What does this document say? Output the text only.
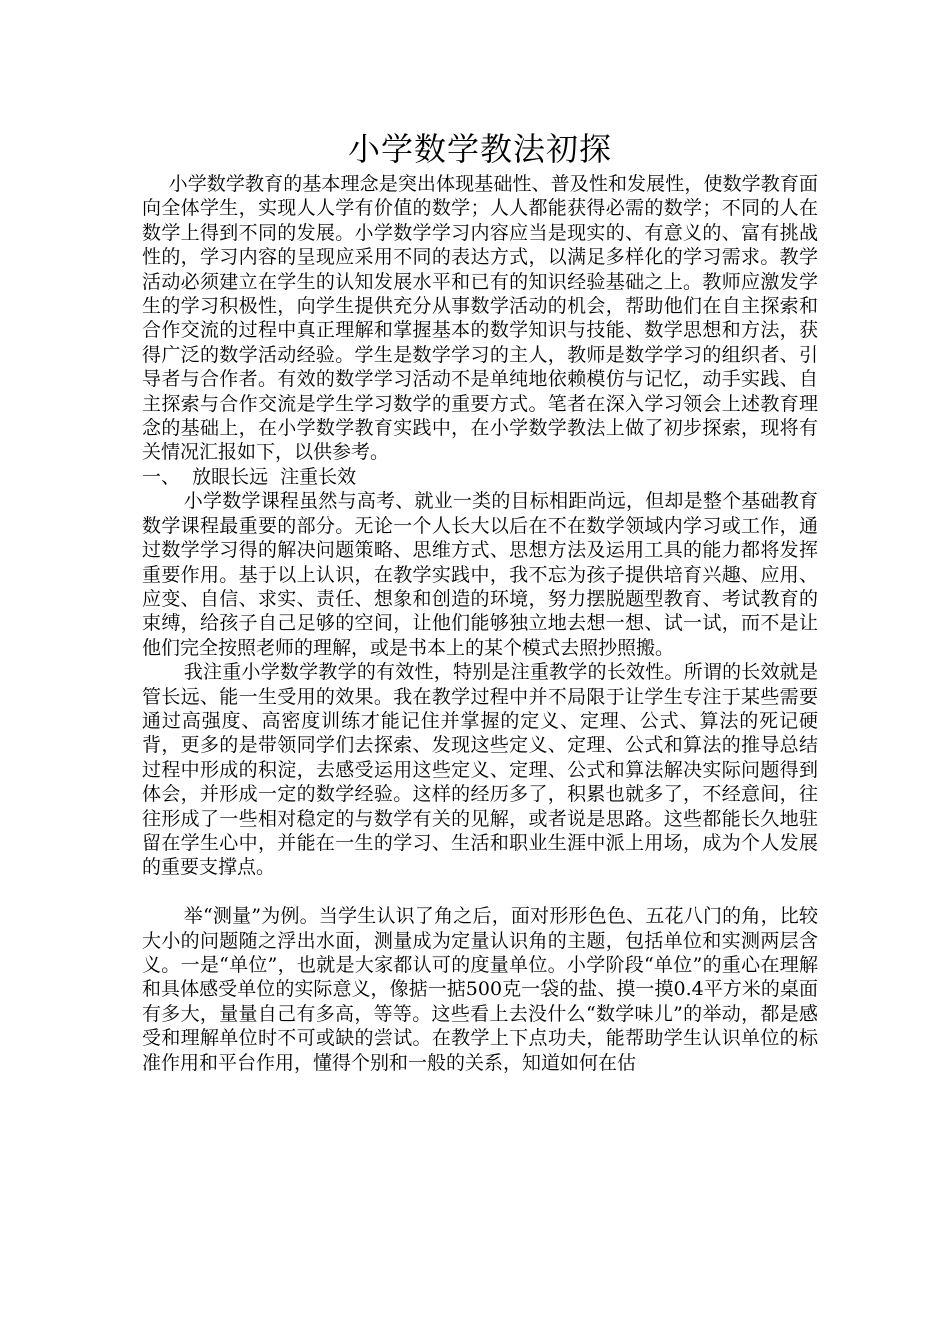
小学数学教法初探

小学数学教育的基本理念是突出体现基础性、普及性和发展性，使数学教育面向全体学生，实现人人学有价值的数学；人人都能获得必需的数学；不同的人在数学上得到不同的发展。小学数学学习内容应当是现实的、有意义的、富有挑战性的，学习内容的呈现应采用不同的表达方式，以满足多样化的学习需求。教学活动必须建立在学生的认知发展水平和已有的知识经验基础之上。教师应激发学生的学习积极性，向学生提供充分从事数学活动的机会，帮助他们在自主探索和合作交流的过程中真正理解和掌握基本的数学知识与技能、数学思想和方法，获得广泛的数学活动经验。学生是数学学习的主人，教师是数学学习的组织者、引导者与合作者。有效的数学学习活动不是单纯地依赖模仿与记忆，动手实践、自主探索与合作交流是学生学习数学的重要方式。笔者在深入学习领会上述教育理念的基础上，在小学数学教育实践中，在小学数学教法上做了初步探索，现将有关情况汇报如下，以供参考。

一、  放眼长远  注重长效

小学数学课程虽然与高考、就业一类的目标相距尚远，但却是整个基础教育数学课程最重要的部分。无论一个人长大以后在不在数学领域内学习或工作，通过数学学习得的解决问题策略、思维方式、思想方法及运用工具的能力都将发挥重要作用。基于以上认识，在教学实践中，我不忘为孩子提供培育兴趣、应用、应变、自信、求实、责任、想象和创造的环境，努力摆脱题型教育、考试教育的束缚，给孩子自己足够的空间，让他们能够独立地去想一想、试一试，而不是让他们完全按照老师的理解，或是书本上的某个模式去照抄照搬。

我注重小学数学教学的有效性，特别是注重教学的长效性。所谓的长效就是管长远、能一生受用的效果。我在教学过程中并不局限于让学生专注于某些需要通过高强度、高密度训练才能记住并掌握的定义、定理、公式、算法的死记硬背，更多的是带领同学们去探索、发现这些定义、定理、公式和算法的推导总结过程中形成的积淀，去感受运用这些定义、定理、公式和算法解决实际问题得到体会，并形成一定的数学经验。这样的经历多了，积累也就多了，不经意间，往往形成了一些相对稳定的与数学有关的见解，或者说是思路。这些都能长久地驻留在学生心中，并能在一生的学习、生活和职业生涯中派上用场，成为个人发展的重要支撑点。

举“测量”为例。当学生认识了角之后，面对形形色色、五花八门的角，比较大小的问题随之浮出水面，测量成为定量认识角的主题，包括单位和实测两层含义。一是“单位”，也就是大家都认可的度量单位。小学阶段“单位”的重心在理解和具体感受单位的实际意义，像掂一掂500克一袋的盐、摸一摸0.4平方米的桌面有多大，量量自己有多高，等等。这些看上去没什么“数学味儿”的举动，都是感受和理解单位时不可或缺的尝试。在教学上下点功夫，能帮助学生认识单位的标准作用和平台作用，懂得个别和一般的关系，知道如何在估
